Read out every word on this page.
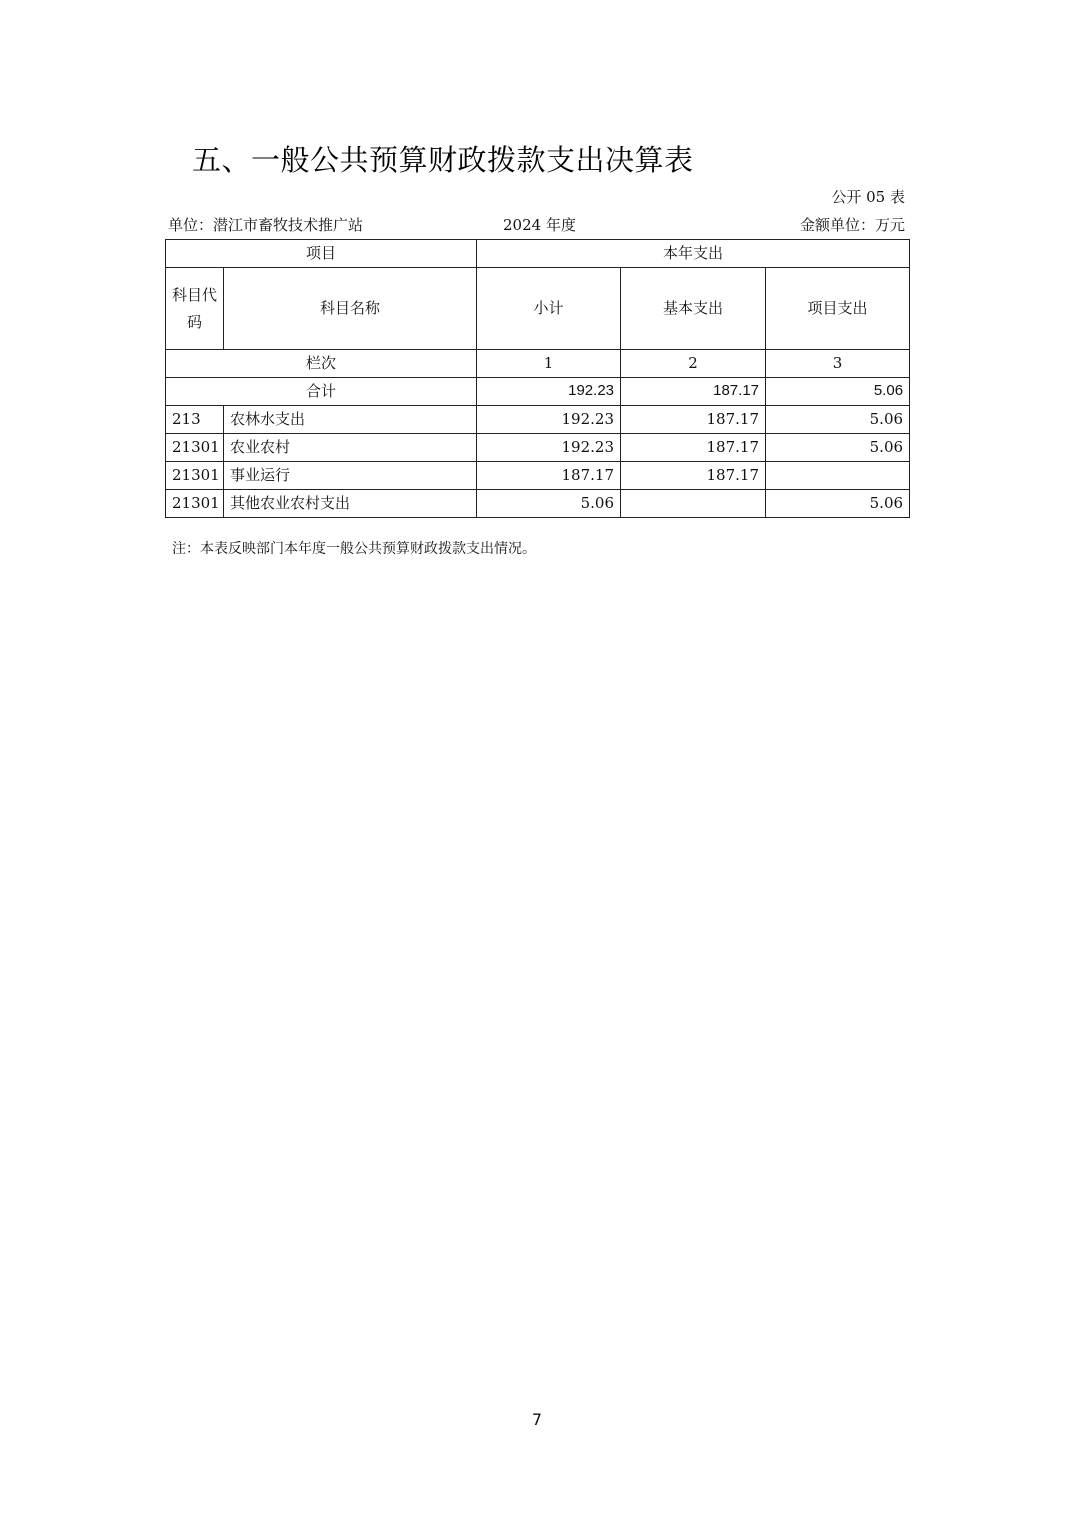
五、一般公共预算财政拨款支出决算表
公开 05 表
单位：潜江市畜牧技术推广站	2024 年度	金额单位：万元
项目		本年支出		
科目代码	科目名称	小计	基本支出	项目支出
栏次		1	2	3
合计		192.23	187.17	5.06
213	农林水支出	192.23	187.17	5.06
21301	农业农村	192.23	187.17	5.06
21301	事业运行	187.17	187.17	
21301	其他农业农村支出	5.06		5.06
注：本表反映部门本年度一般公共预算财政拨款支出情况。
7
